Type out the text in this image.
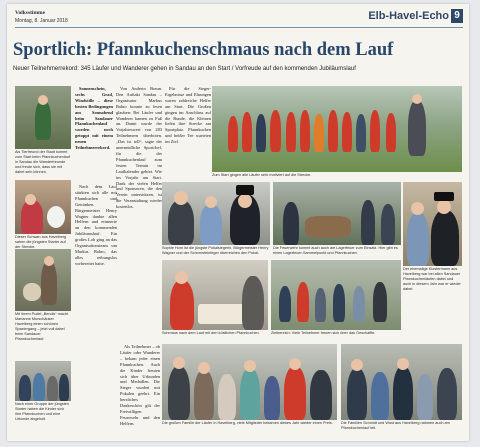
Volksstimme
Montag, 8. Januar 2018	Elb-Havel-Echo 9
Sportlich: Pfannkuchenschmaus nach dem Lauf
Neuer Teilnehmerrekord: 345 Läufer und Wanderer gehen in Sandau an den Start / Vorfreude auf den kommenden Jubiläumslauf
Als Tierfreund der Stadt kommt zum Start beim Pfannkuchenlauf in Sandau die Wanderfreunde und freute sich, dass sie mit dabei sein können.
Dieser Schwan aus Havelberg sahen die jüngsten Starter auf der Strecke.
Mit ihrem Pudel „Bendix“ macht Marianne Morschäuser Havelberg einen schönen Spaziergang – jetzt voll dabei beim Sandauer Pfannkuchenlauf.
Nach einer Gruppe der jüngsten Starter haben die Kinder sich ihre Pfannkuchen und eine Urkunde abgeholt.

Sonnenschein, sechs Grad, Windstille – diese besten Bedingungen am Sonnabend beim Sandauer Pfannkuchenlauf wurden noch getoppt mit einem neuen Teilnehmerrekord.

Von Anderin Braun. Den Auftakt Sandau – Organisator Markus Bahro konnte zu lesen glauben: Bei Läufer und Wanderer kamen zu Fuß an. Damit wurde der Vorjahreswert von 283 Teilnehmern überboten. „Das ist toll“, sagte der unermüdliche Sportchef, für die der Pfannkuchenlauf zum festen Termin im Laufkalender gehört. Wie im Vorjahr am Start. Dank der vielen Helfer und Sponsoren, die den Verein unterstützen, ist die Veranstaltung wieder kostenlos.

Für die Sieger-Ergebnisse und Ehrungen waren zahlreiche Helfer am Start. Die Großen gingen im Anschluss auf die Runde, die Kleinen liefen ihre Strecke am Sportplatz. Pfannkuchen und heißer Tee warteten im Ziel.

Nach dem Lauf stärkten sich alle mit Pfannkuchen und Getränken. Bürgermeister Henry Wagner dankte allen Helfern und erinnerte an den kommenden Jubiläumslauf. Ein großes Lob ging an das Organisationsteam um Markus Bahro, das alles reibungslos vorbereitet hatte.

Als Teilnehmer – ob Läufer oder Wanderer – bekam jeder einen Pfannkuchen. Auch die Kinder freuten sich über Urkunden und Medaillen. Die Sieger wurden mit Pokalen geehrt. Ein herzliches Dankeschön gilt der Freiwilligen Feuerwehr und den Helfern.

Zum Start gingen alle Läufer sehr motiviert auf die Strecke.
Sophie Horn ist die jüngste Pokalsiegerin. Bürgermeister Henry Wagner und der Schornsteinfeger überreichen den Pokal.
Die Feuerwehr kommt auch auch am Lagerfeuer zum Einsatz. Hier gibt es einen Lagerfeuer-Sammelpunkt und Pfannkuchen.
Der ehemalige Klostermann aus Havelberg war bei allen Sandauer Pfannkuchenläufen dabei und auch in diesem Jahr war er wieder dabei.
Schmaus nach dem Lauf mit den köstlichen Pfannkuchen.	Zielbereich: Viele Teilnehmer freuen sich über das Geschaffte.
Die großen Familie der Läufer in Havelberg, viele Mitglieder bekamen dieses Jahr wieder einen Preis.	Die Familien Schmidt und Wust aus Havelberg nahmen auch am Pfannkuchenlauf teil.
